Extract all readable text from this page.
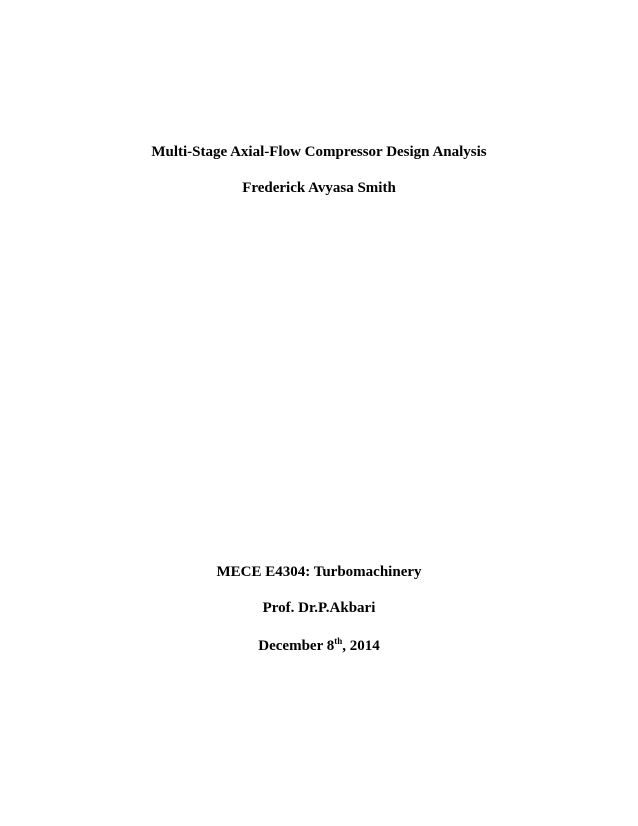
Multi-Stage Axial-Flow Compressor Design Analysis
Frederick Avyasa Smith
MECE E4304: Turbomachinery
Prof. Dr.P.Akbari
December 8th, 2014
